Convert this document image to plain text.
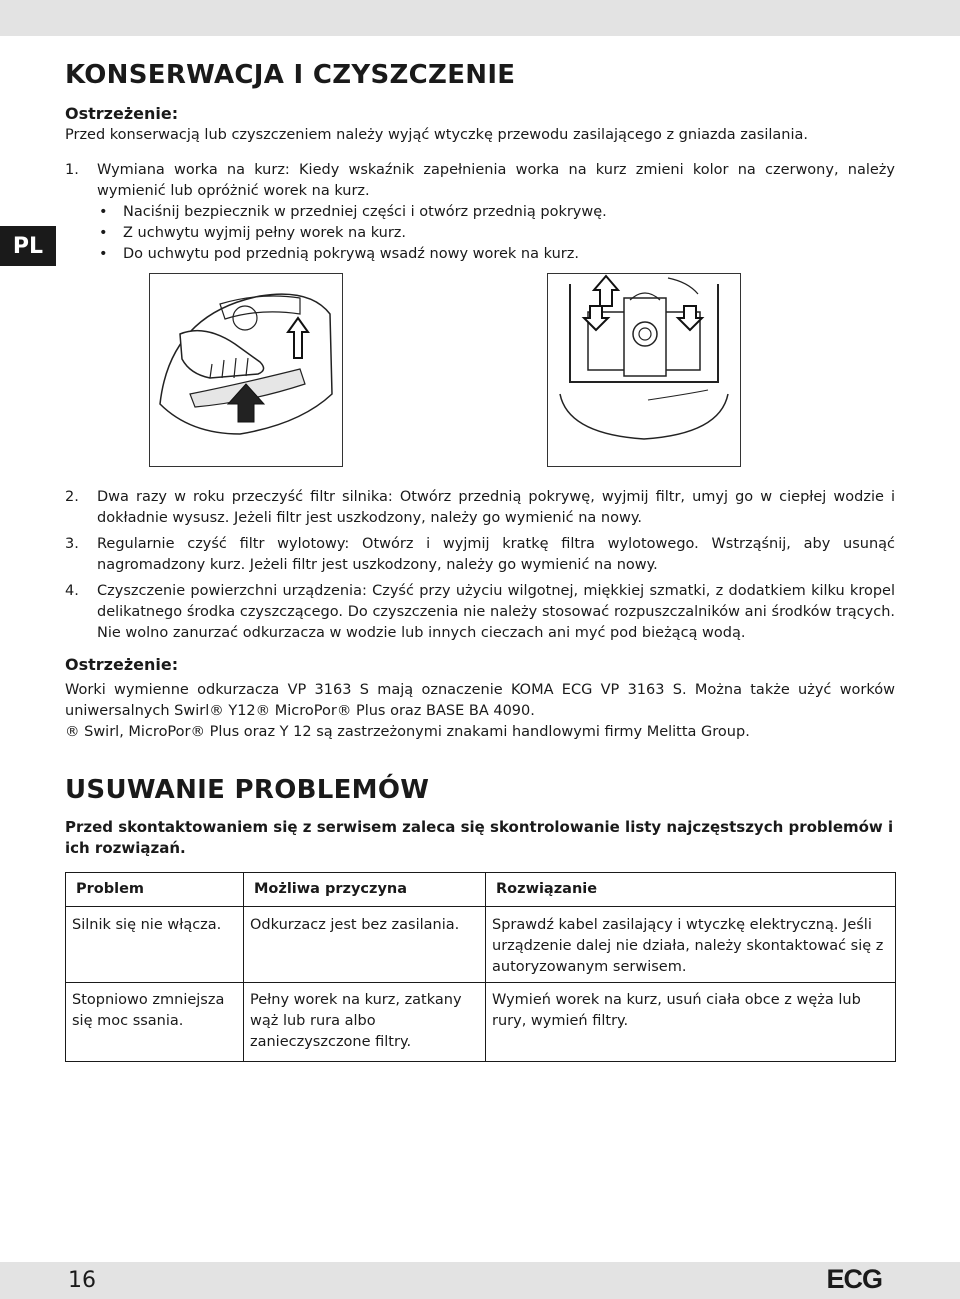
PL
KONSERWACJA I CZYSZCZENIE
Ostrzeżenie:

Przed konserwacją lub czyszczeniem należy wyjąć wtyczkę przewodu zasilającego z gniazda zasilania.

1.	Wymiana worka na kurz: Kiedy wskaźnik zapełnienia worka na kurz zmieni kolor na czerwony, należy wymienić lub opróżnić worek na kurz.
• Naciśnij bezpiecznik w przedniej części i otwórz przednią pokrywę.
• Z uchwytu wyjmij pełny worek na kurz.
• Do uchwytu pod przednią pokrywą wsadź nowy worek na kurz.
2.	Dwa razy w roku przeczyść filtr silnika: Otwórz przednią pokrywę, wyjmij filtr, umyj go w ciepłej wodzie i dokładnie wysusz. Jeżeli filtr jest uszkodzony, należy go wymienić na nowy.
3.	Regularnie czyść filtr wylotowy: Otwórz i wyjmij kratkę filtra wylotowego. Wstrząśnij, aby usunąć nagromadzony kurz. Jeżeli filtr jest uszkodzony, należy go wymienić na nowy.
4.	Czyszczenie powierzchni urządzenia: Czyść przy użyciu wilgotnej, miękkiej szmatki, z dodatkiem kilku kropel delikatnego środka czyszczącego. Do czyszczenia nie należy stosować rozpuszczalników ani środków trących. Nie wolno zanurzać odkurzacza w wodzie lub innych cieczach ani myć pod bieżącą wodą.
Ostrzeżenie:

Worki wymienne odkurzacza VP 3163 S mają oznaczenie KOMA ECG VP 3163 S. Można także użyć worków uniwersalnych Swirl® Y12® MicroPor® Plus oraz BASE BA 4090.

® Swirl, MicroPor® Plus oraz Y 12 są zastrzeżonymi znakami handlowymi firmy Melitta Group.

USUWANIE PROBLEMÓW

Przed skontaktowaniem się z serwisem zaleca się skontrolowanie listy najczęstszych problemów i ich rozwiązań.

Problem	Możliwa przyczyna	Rozwiązanie
Silnik się nie włącza.	Odkurzacz jest bez zasilania.	Sprawdź kabel zasilający i wtyczkę elektryczną. Jeśli urządzenie dalej nie działa, należy skontaktować się z autoryzowanym serwisem.
Stopniowo zmniejsza się moc ssania.	Pełny worek na kurz, zatkany wąż lub rura albo zanieczyszczone filtry.	Wymień worek na kurz, usuń ciała obce z węża lub rury, wymień filtry.
16	ECG
